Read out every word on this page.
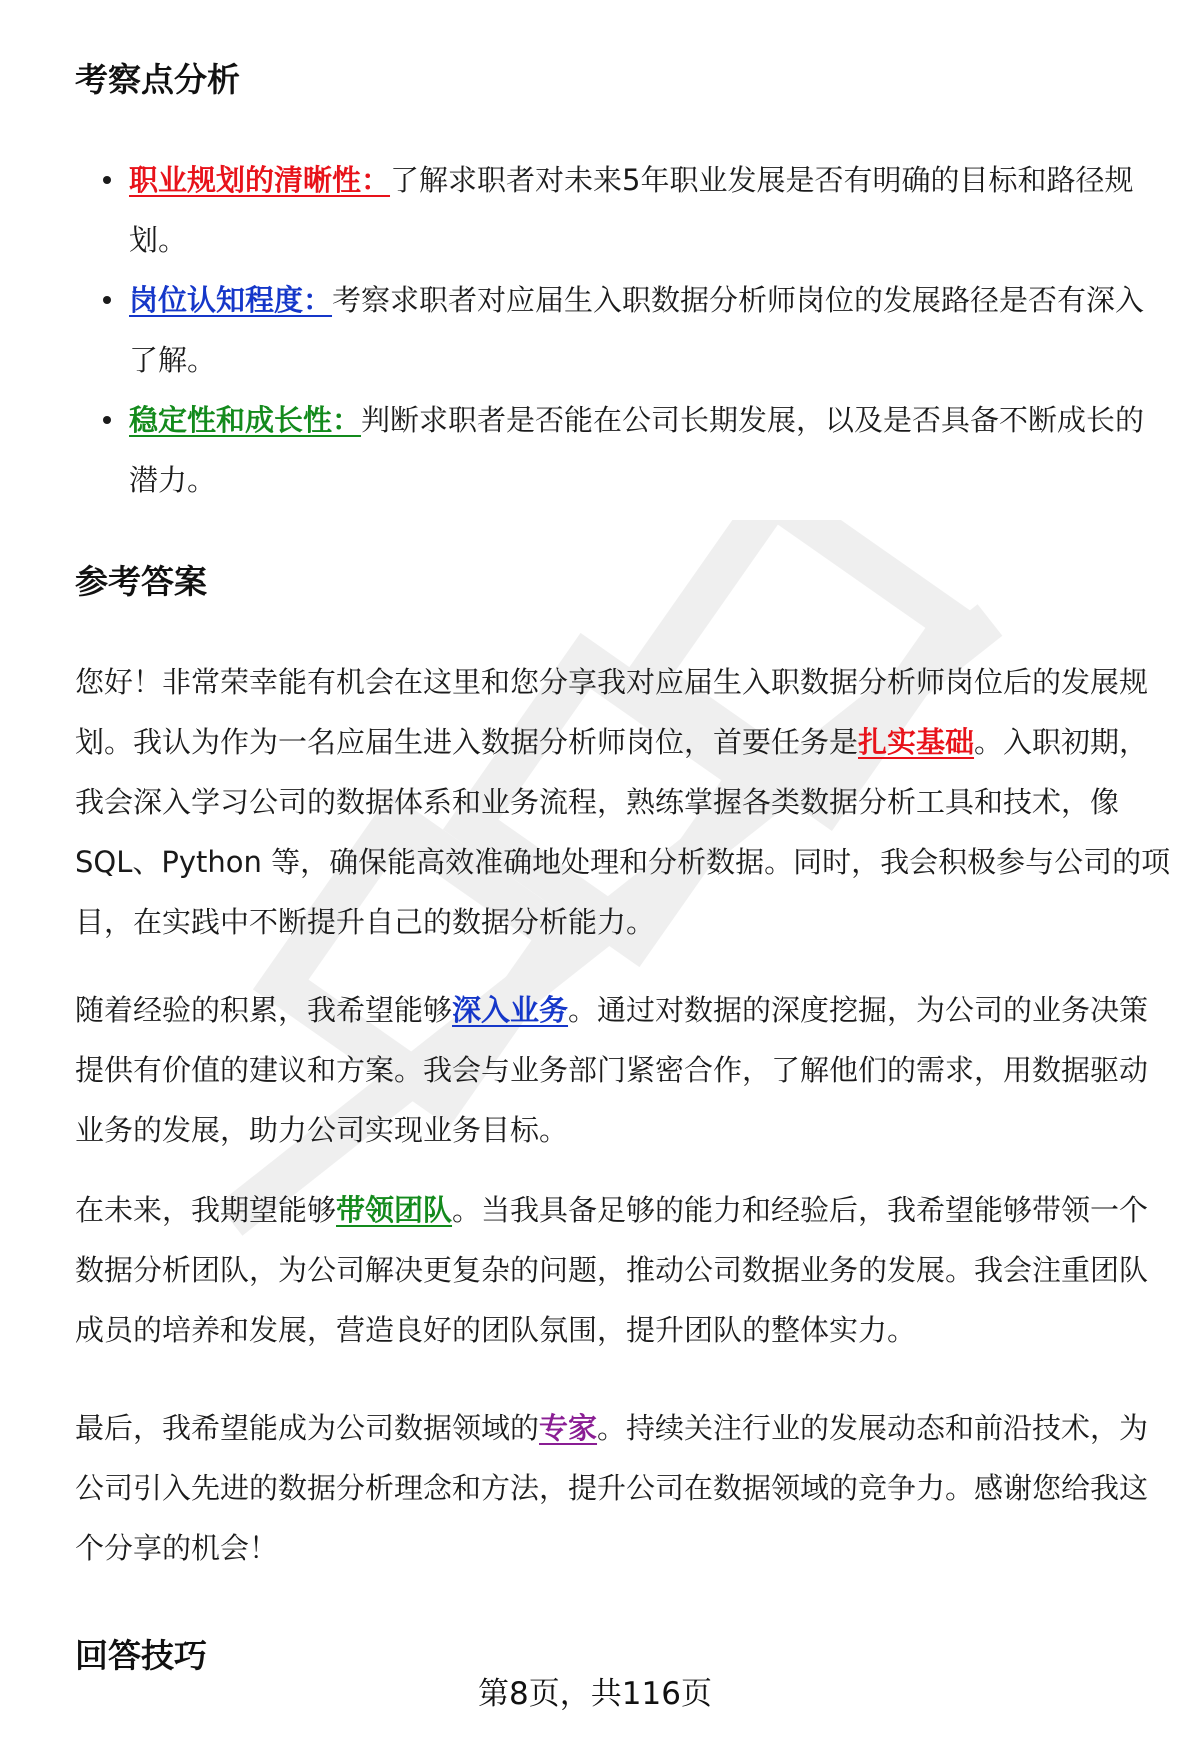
考察点分析
职业规划的清晰性：了解求职者对未来5年职业发展是否有明确的目标和路径规划。
岗位认知程度：考察求职者对应届生入职数据分析师岗位的发展路径是否有深入了解。
稳定性和成长性：判断求职者是否能在公司长期发展，以及是否具备不断成长的潜力。
参考答案

您好！非常荣幸能有机会在这里和您分享我对应届生入职数据分析师岗位后的发展规划。我认为作为一名应届生进入数据分析师岗位，首要任务是扎实基础。入职初期，我会深入学习公司的数据体系和业务流程，熟练掌握各类数据分析工具和技术，像 SQL、Python 等，确保能高效准确地处理和分析数据。同时，我会积极参与公司的项目，在实践中不断提升自己的数据分析能力。

随着经验的积累，我希望能够深入业务。通过对数据的深度挖掘，为公司的业务决策提供有价值的建议和方案。我会与业务部门紧密合作，了解他们的需求，用数据驱动业务的发展，助力公司实现业务目标。

在未来，我期望能够带领团队。当我具备足够的能力和经验后，我希望能够带领一个数据分析团队，为公司解决更复杂的问题，推动公司数据业务的发展。我会注重团队成员的培养和发展，营造良好的团队氛围，提升团队的整体实力。

最后，我希望能成为公司数据领域的专家。持续关注行业的发展动态和前沿技术，为公司引入先进的数据分析理念和方法，提升公司在数据领域的竞争力。感谢您给我这个分享的机会！

回答技巧
第8页，共116页
